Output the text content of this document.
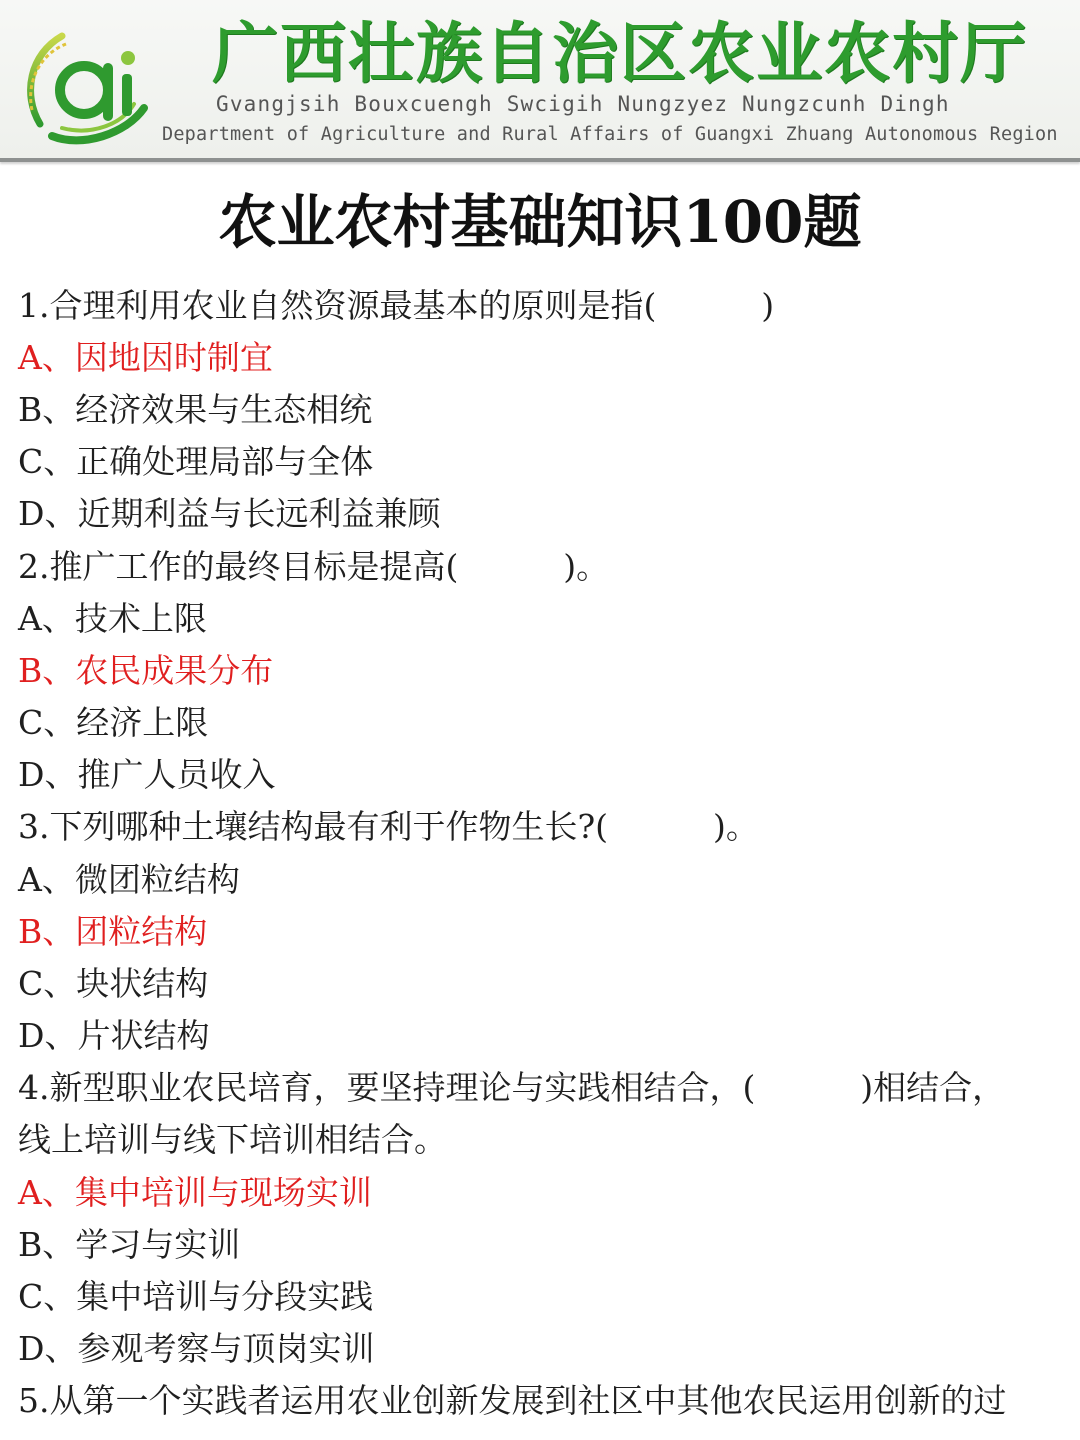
广西壮族自治区农业农村厅
Gvangjsih Bouxcuengh Swcigih Nungzyez Nungzcunh Dingh
Department of Agriculture and Rural Affairs of Guangxi Zhuang Autonomous Region
农业农村基础知识100题
1.合理利用农业自然资源最基本的原则是指(          )
A、因地因时制宜
B、经济效果与生态相统
C、正确处理局部与全体
D、近期利益与长远利益兼顾
2.推广工作的最终目标是提高(          )。
A、技术上限
B、农民成果分布
C、经济上限
D、推广人员收入
3.下列哪种土壤结构最有利于作物生长?(          )。
A、微团粒结构
B、团粒结构
C、块状结构
D、片状结构
4.新型职业农民培育，要坚持理论与实践相结合，(          )相结合，
线上培训与线下培训相结合。
A、集中培训与现场实训
B、学习与实训
C、集中培训与分段实践
D、参观考察与顶岗实训
5.从第一个实践者运用农业创新发展到社区中其他农民运用创新的过
